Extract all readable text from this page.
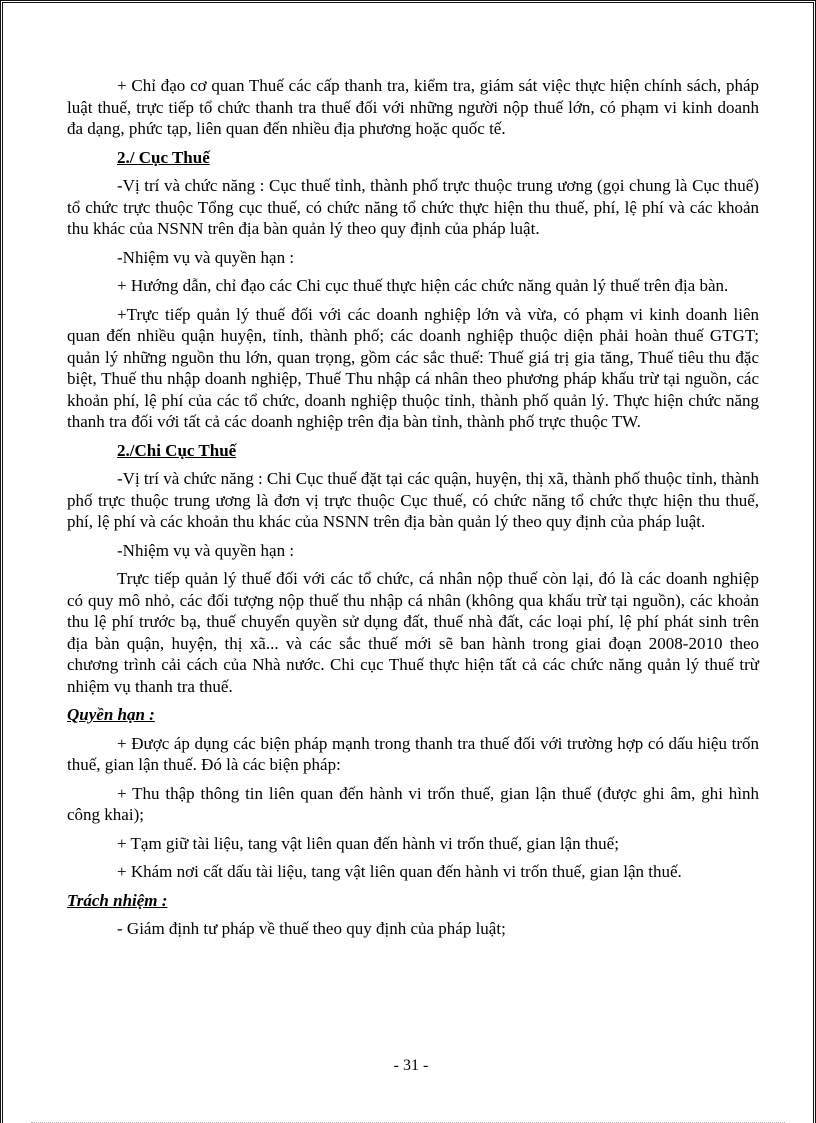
+ Chỉ đạo cơ quan Thuế các cấp thanh tra, kiểm tra, giám sát việc thực hiện chính sách, pháp luật thuế, trực tiếp tổ chức thanh tra thuế đối với những người nộp thuế lớn, có phạm vi kinh doanh đa dạng, phức tạp, liên quan đến nhiều địa phương hoặc quốc tế.

2./ Cục Thuế

-Vị trí và chức năng : Cục thuế tỉnh, thành phố trực thuộc trung ương (gọi chung là Cục thuế) tổ chức trực thuộc Tổng cục thuế, có chức năng tổ chức thực hiện thu thuế, phí, lệ phí và các khoản thu khác của NSNN trên địa bàn quản lý theo quy định của pháp luật.

-Nhiệm vụ và quyền hạn :

+ Hướng dẫn, chỉ đạo các Chi cục thuế thực hiện các chức năng quản lý thuế trên địa bàn.

+Trực tiếp quản lý thuế đối với các doanh nghiệp lớn và vừa, có phạm vi kinh doanh liên quan đến nhiều quận huyện, tỉnh, thành phố; các doanh nghiệp thuộc diện phải hoàn thuế GTGT; quản lý những nguồn thu lớn, quan trọng, gồm các sắc thuế: Thuế giá trị gia tăng, Thuế tiêu thu đặc biệt, Thuế thu nhập doanh nghiệp, Thuế Thu nhập cá nhân theo phương pháp khấu trừ tại nguồn, các khoản phí, lệ phí của các tổ chức, doanh nghiệp thuộc tỉnh, thành phố quản lý. Thực hiện chức năng thanh tra đối với tất cả các doanh nghiệp trên địa bàn tỉnh, thành phố trực thuộc TW.

2./Chi Cục Thuế

-Vị trí và chức năng : Chi Cục thuế đặt tại các quận, huyện, thị xã, thành phố thuộc tỉnh, thành phố trực thuộc trung ương là đơn vị trực thuộc Cục thuế, có chức năng tổ chức thực hiện thu thuế, phí, lệ phí và các khoản thu khác của NSNN trên địa bàn quản lý theo quy định của pháp luật.

-Nhiệm vụ và quyền hạn :

Trực tiếp quản lý thuế đối với các tổ chức, cá nhân nộp thuế còn lại, đó là các doanh nghiệp có quy mô nhỏ, các đối tượng nộp thuế thu nhập cá nhân (không qua khấu trừ tại nguồn), các khoản thu lệ phí trước bạ, thuế chuyển quyền sử dụng đất, thuế nhà đất, các loại phí, lệ phí phát sinh trên địa bàn quận, huyện, thị xã... và các sắc thuế mới sẽ ban hành trong giai đoạn 2008-2010 theo chương trình cải cách của Nhà nước. Chi cục Thuế thực hiện tất cả các chức năng quản lý thuế trừ nhiệm vụ thanh tra thuế.

Quyền hạn :

+ Được áp dụng các biện pháp mạnh trong thanh tra thuế đối với trường hợp có dấu hiệu trốn thuế, gian lận thuế. Đó là các biện pháp:

+ Thu thập thông tin liên quan đến hành vi trốn thuế, gian lận thuế (được ghi âm, ghi hình công khai);

+ Tạm giữ tài liệu, tang vật liên quan đến hành vi trốn thuế, gian lận thuế;

+ Khám nơi cất dấu tài liệu, tang vật liên quan đến hành vi trốn thuế, gian lận thuế.

Trách nhiệm :

- Giám định tư pháp về thuế theo quy định của pháp luật;

- 31 -
